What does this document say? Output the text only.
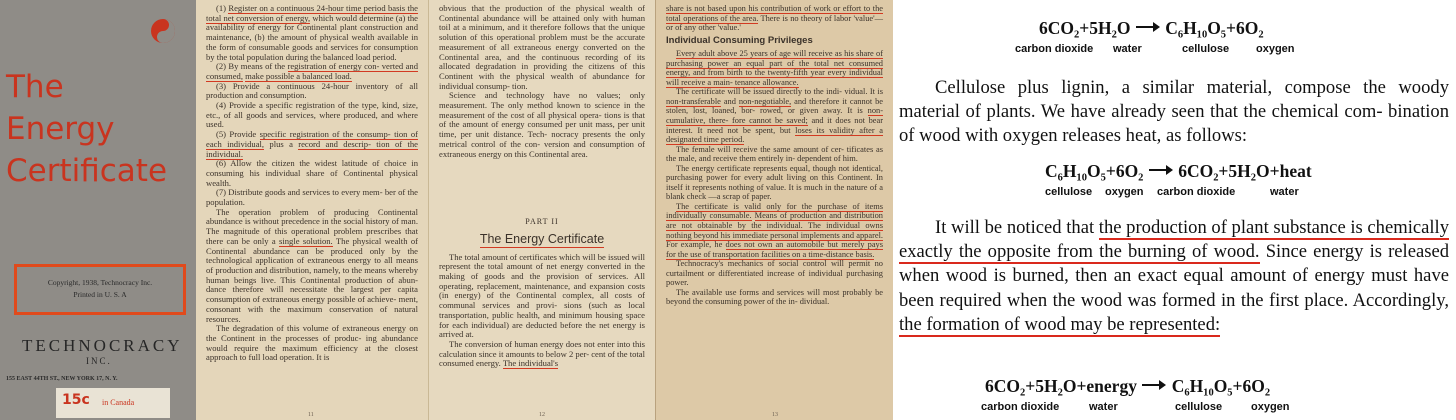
The
Energy
Certificate
Copyright, 1938, Technocracy Inc.
Printed in U. S. A
TECHNOCRACY
INC.
155 EAST 44TH ST., NEW YORK 17, N. Y.
15c in Canada

(1) Register on a continuous 24-hour time period basis the total net conversion of energy, which would determine (a) the availability of energy for Continental plant construction and maintenance, (b) the amount of physical wealth available in the form of consumable goods and services for consumption by the total population during the balanced load period.

(2) By means of the registration of energy con- verted and consumed, make possible a balanced load.

(3) Provide a continuous 24-hour inventory of all production and consumption.

(4) Provide a specific registration of the type, kind, size, etc., of all goods and services, where produced, and where used.

(5) Provide specific registration of the consump- tion of each individual, plus a record and descrip- tion of the individual.

(6) Allow the citizen the widest latitude of choice in consuming his individual share of Continental physical wealth.

(7) Distribute goods and services to every mem- ber of the population.

The operation problem of producing Continental abundance is without precedence in the social history of man. The magnitude of this operational problem prescribes that there can be only a single solution. The physical wealth of Continental abundance can be produced only by the technological application of extraneous energy to all means of production and distribution, namely, to the means whereby human beings live. This Continental production of abun- dance therefore will necessitate the largest per capita consumption of extraneous energy possible of achieve- ment, consonant with the maximum conservation of natural resources.

The degradation of this volume of extraneous energy on the Continent in the processes of produc- ing abundance would require the maximum efficiency at the closest approach to full load operation. It is

11

obvious that the production of the physical wealth of Continental abundance will be attained only with human toil at a minimum, and it therefore follows that the unique solution of this operational problem must be the accurate measurement of all extraneous energy converted on the Continental area, and the continuous recording of its allocated degradation in providing the citizens of this Continent with the physical wealth of abundance for individual consump- tion.

Science and technology have no values; only measurement. The only method known to science in the measurement of the cost of all physical opera- tions is that of the amount of energy consumed per unit mass, per unit time, per unit distance. Tech- nocracy presents the only metrical control of the con- version and consumption of extraneous energy on this Continental area.

PART II
The Energy Certificate

The total amount of certificates which will be issued will represent the total amount of net energy converted in the making of goods and the provision of services. All operating, replacement, maintenance, and expansion costs (in energy) of the Continental complex, all costs of communal services and provi- sions (such as local transportation, public health, and minimum housing space for each individual) are deducted before the net energy is arrived at.

The conversion of human energy does not enter into this calculation since it amounts to below 2 per- cent of the total consumed energy. The individual's

12

share is not based upon his contribution of work or effort to the total operations of the area. There is no theory of labor 'value'—or of any other 'value.'

Individual Consuming Privileges

Every adult above 25 years of age will receive as his share of purchasing power an equal part of the total net consumed energy, and from birth to the twenty-fifth year every individual will receive a main- tenance allowance.

The certificate will be issued directly to the indi- vidual. It is non-transferable and non-negotiable, and therefore it cannot be stolen, lost, loaned, bor- rowed, or given away. It is non-cumulative, there- fore cannot be saved; and it does not bear interest. It need not be spent, but loses its validity after a designated time period.

The female will receive the same amount of cer- tificates as the male, and receive them entirely in- dependent of him.

The energy certificate represents equal, though not identical, purchasing power for every adult living on this Continent. In itself it represents nothing of value. It is much in the nature of a blank check —a scrap of paper.

The certificate is valid only for the purchase of items individually consumable. Means of production and distribution are not obtainable by the individual. The individual owns nothing beyond his immediate personal implements and apparel. For example, he does not own an automobile but merely pays for the use of transportation facilities on a time-distance basis.

Technocracy's mechanics of social control will permit no curtailment or differentiated increase of individual purchasing power.

The available use forms and services will most probably be beyond the consuming power of the in- dividual.

13
6CO₂+5H₂O C₆H₁₀O₅+6O₂
carbon dioxide water	cellulose oxygen
Cellulose plus lignin, a similar material, compose the woody material of plants. We have already seen that the chemical com- bination of wood with oxygen releases heat, as follows:
C₆H₁₀O₅+6O₂ 6CO₂+5H₂O+heat
cellulose oxygen carbon dioxide	water
It will be noticed that the production of plant substance is chemically exactly the opposite from the burning of wood. Since energy is released when wood is burned, then an exact equal amount of energy must have been required when the wood was formed in the first place. Accordingly, the formation of wood may be represented:
6CO₂+5H₂O+energy C₆H₁₀O₅+6O₂
carbon dioxide	water	cellulose	oxygen
